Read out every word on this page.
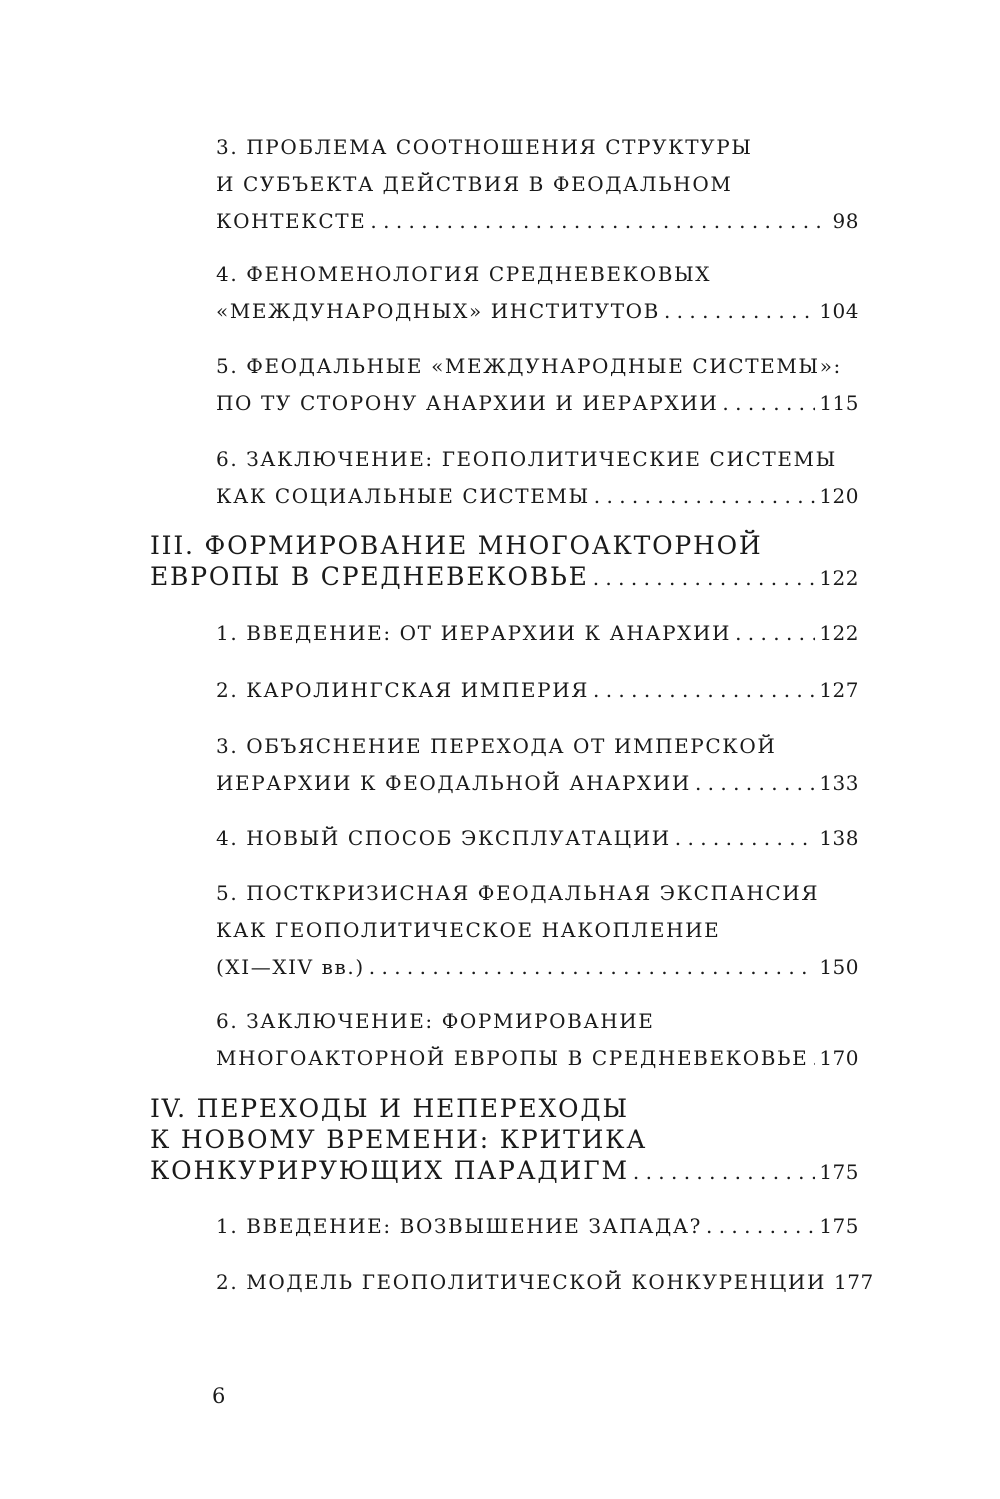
3. ПРОБЛЕМА СООТНОШЕНИЯ СТРУКТУРЫ
И СУБЪЕКТА ДЕЙСТВИЯ В ФЕОДАЛЬНОМ
КОНТЕКСТЕ . . .	98
4. ФЕНОМЕНОЛОГИЯ СРЕДНЕВЕКОВЫХ
«МЕЖДУНАРОДНЫХ» ИНСТИТУТОВ . . .	104
5. ФЕОДАЛЬНЫЕ «МЕЖДУНАРОДНЫЕ СИСТЕМЫ»:
ПО ТУ СТОРОНУ АНАРХИИ И ИЕРАРХИИ . . .	115
6. ЗАКЛЮЧЕНИЕ: ГЕОПОЛИТИЧЕСКИЕ СИСТЕМЫ
КАК СОЦИАЛЬНЫЕ СИСТЕМЫ . . .	120
III. ФОРМИРОВАНИЕ МНОГОАКТОРНОЙ
ЕВРОПЫ В СРЕДНЕВЕКОВЬЕ . . .	122
1. ВВЕДЕНИЕ: ОТ ИЕРАРХИИ К АНАРХИИ . . .	122
2. КАРОЛИНГСКАЯ ИМПЕРИЯ . . .	127
3. ОБЪЯСНЕНИЕ ПЕРЕХОДА ОТ ИМПЕРСКОЙ
ИЕРАРХИИ К ФЕОДАЛЬНОЙ АНАРХИИ . . .	133
4. НОВЫЙ СПОСОБ ЭКСПЛУАТАЦИИ . . .	138
5. ПОСТКРИЗИСНАЯ ФЕОДАЛЬНАЯ ЭКСПАНСИЯ
КАК ГЕОПОЛИТИЧЕСКОЕ НАКОПЛЕНИЕ
(XI—XIV вв.) . . .	150
6. ЗАКЛЮЧЕНИЕ: ФОРМИРОВАНИЕ
МНОГОАКТОРНОЙ ЕВРОПЫ В СРЕДНЕВЕКОВЬЕ . . . 170
IV. ПЕРЕХОДЫ И НЕПЕРЕХОДЫ
К НОВОМУ ВРЕМЕНИ: КРИТИКА
КОНКУРИРУЮЩИХ ПАРАДИГМ . . .	175
1. ВВЕДЕНИЕ: ВОЗВЫШЕНИЕ ЗАПАДА? . . .	175
2. МОДЕЛЬ ГЕОПОЛИТИЧЕСКОЙ КОНКУРЕНЦИИ 177
6
